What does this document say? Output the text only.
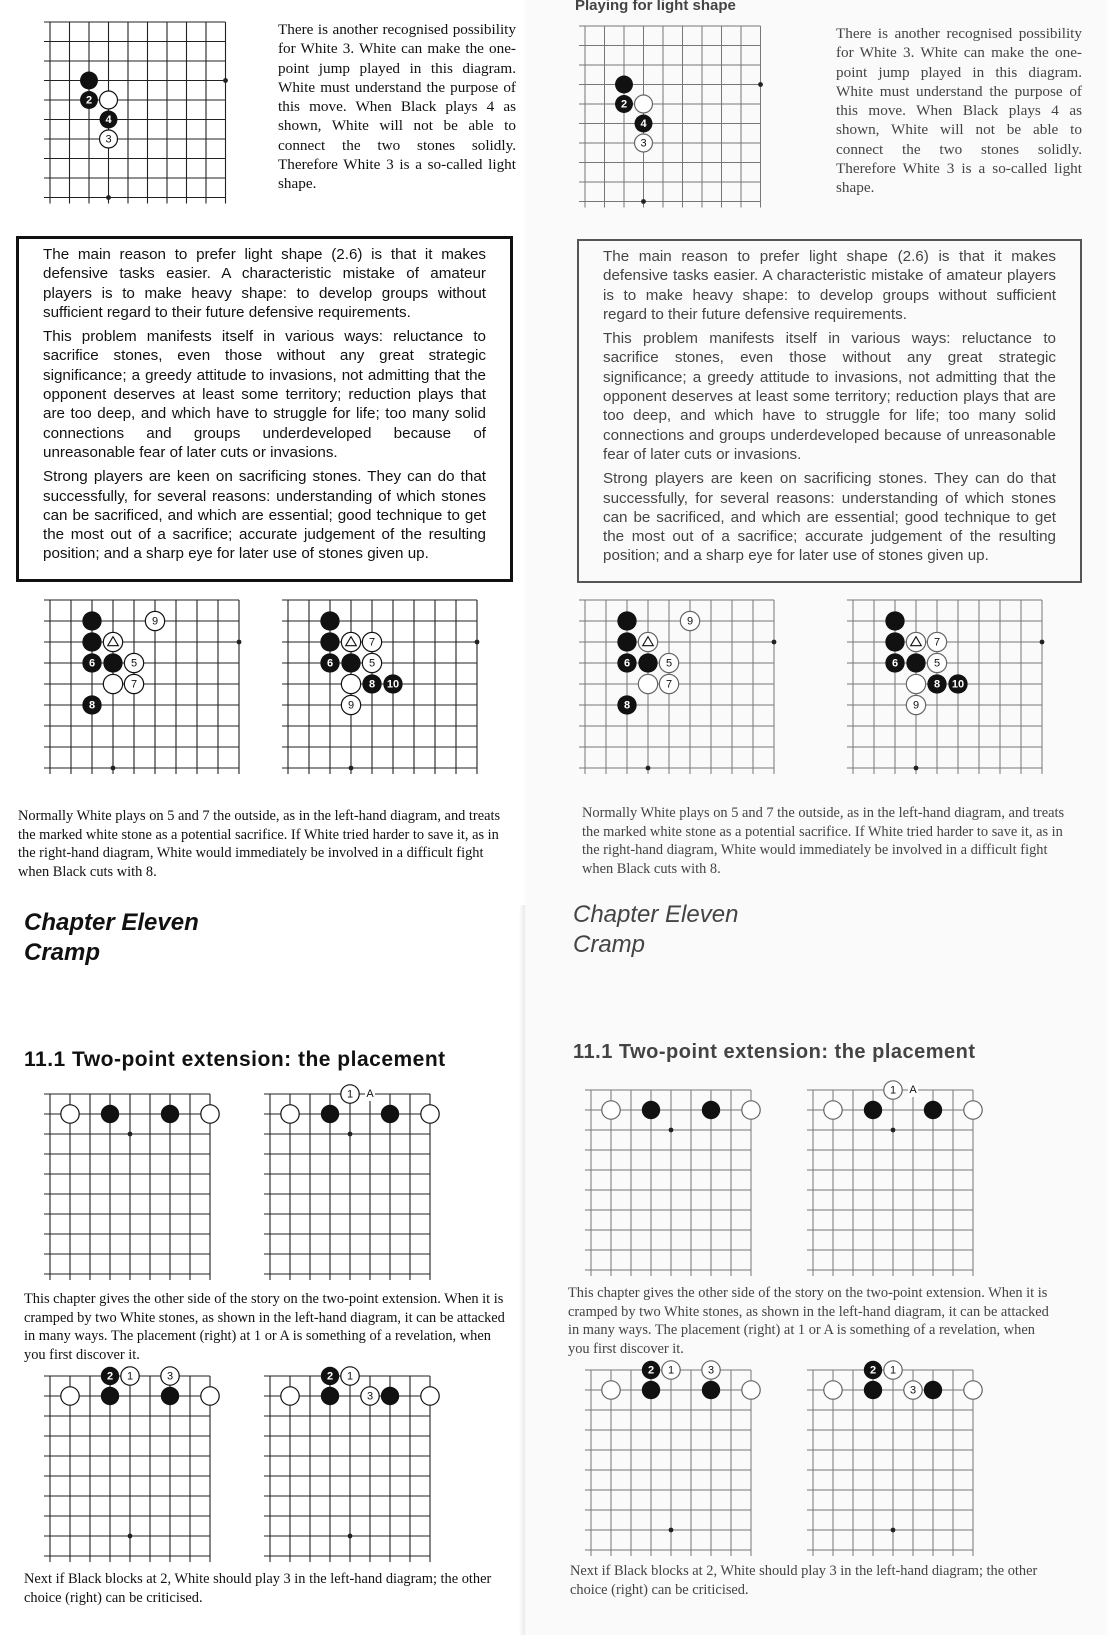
2
4
3

There is another recognised possibility for White 3. White can make the one-point jump played in this diagram. White must understand the purpose of this move. When Black plays 4 as shown, White will not be able to connect the two stones solidly. Therefore White 3 is a so-called light shape.

The main reason to prefer light shape (2.6) is that it makes defensive tasks easier. A characteristic mistake of amateur players is to make heavy shape: to develop groups without sufficient regard to their future defensive requirements.

This problem manifests itself in various ways: reluctance to sacrifice stones, even those without any great strategic significance; a greedy attitude to invasions, not admitting that the opponent deserves at least some territory; reduction plays that are too deep, and which have to struggle for life; too many solid connections and groups underdeveloped because of unreasonable fear of later cuts or invasions.

Strong players are keen on sacrificing stones. They can do that successfully, for several reasons: understanding of which stones can be sacrificed, and which are essential; good technique to get the most out of a sacrifice; accurate judgement of the resulting position; and a sharp eye for later use of stones given up.

9
6	5
7
8
7
6	5
8 10
9

Normally White plays on 5 and 7 the outside, as in the left-hand diagram, and treats the marked white stone as a potential sacrifice. If White tried harder to save it, as in the right-hand diagram, White would immediately be involved in a difficult fight when Black cuts with 8.

Chapter Eleven
Cramp
11.1 Two-point extension: the placement
1 A

This chapter gives the other side of the story on the two-point extension. When it is cramped by two White stones, as shown in the left-hand diagram, it can be attacked in many ways. The placement (right) at 1 or A is something of a revelation, when you first discover it.

2 1	3	2 1
3

Next if Black blocks at 2, White should play 3 in the left-hand diagram; the other choice (right) can be criticised.

Playing for light shape
2
4
3

There is another recognised possibility for White 3. White can make the one-point jump played in this diagram. White must understand the purpose of this move. When Black plays 4 as shown, White will not be able to connect the two stones solidly. Therefore White 3 is a so-called light shape.

The main reason to prefer light shape (2.6) is that it makes defensive tasks easier. A characteristic mistake of amateur players is to make heavy shape: to develop groups without sufficient regard to their future defensive requirements.

This problem manifests itself in various ways: reluctance to sacrifice stones, even those without any great strategic significance; a greedy attitude to invasions, not admitting that the opponent deserves at least some territory; reduction plays that are too deep, and which have to struggle for life; too many solid connections and groups underdeveloped because of unreasonable fear of later cuts or invasions.

Strong players are keen on sacrificing stones. They can do that successfully, for several reasons: understanding of which stones can be sacrificed, and which are essential; good technique to get the most out of a sacrifice; accurate judgement of the resulting position; and a sharp eye for later use of stones given up.

9
6	5
7
8
7
6	5
8 10
9

Normally White plays on 5 and 7 the outside, as in the left-hand diagram, and treats the marked white stone as a potential sacrifice. If White tried harder to save it, as in the right-hand diagram, White would immediately be involved in a difficult fight when Black cuts with 8.

Chapter Eleven
Cramp
11.1 Two-point extension: the placement
1 A

This chapter gives the other side of the story on the two-point extension. When it is cramped by two White stones, as shown in the left-hand diagram, it can be attacked in many ways. The placement (right) at 1 or A is something of a revelation, when you first discover it.

2 1	3	2 1
3

Next if Black blocks at 2, White should play 3 in the left-hand diagram; the other choice (right) can be criticised.
